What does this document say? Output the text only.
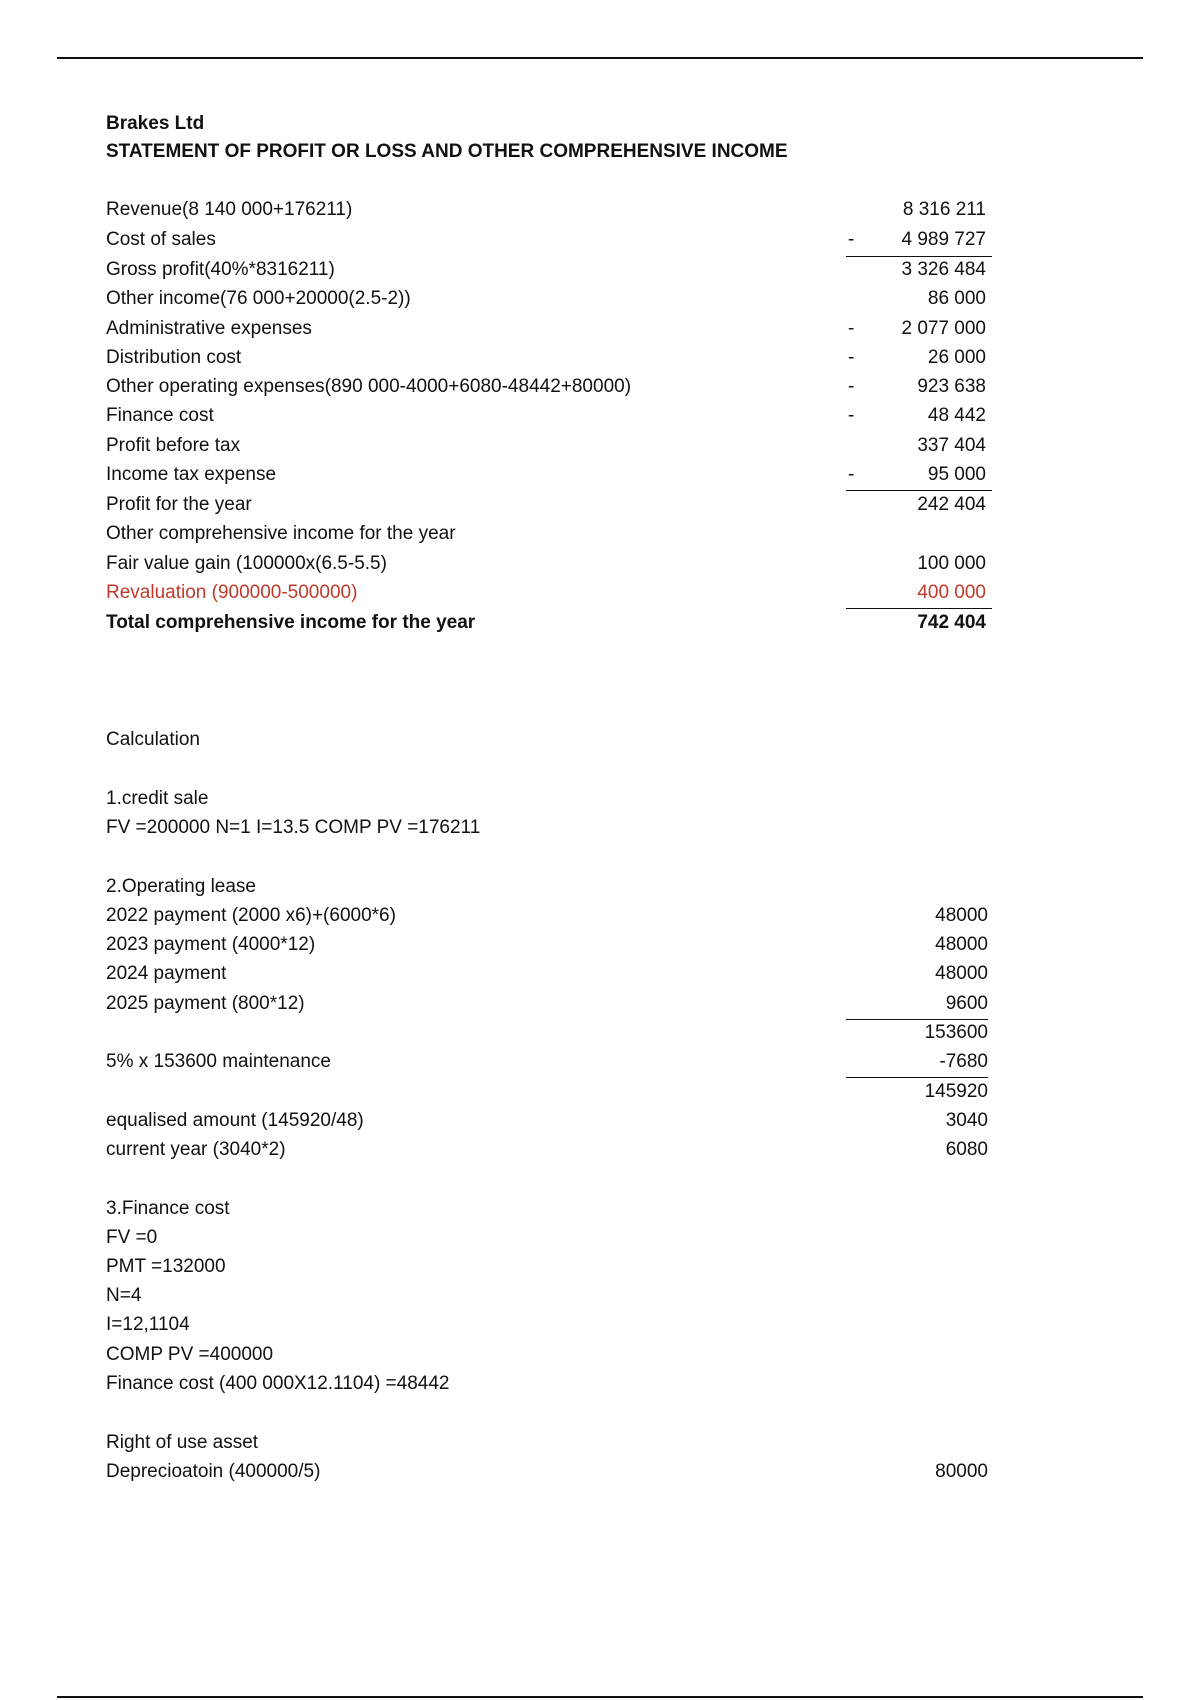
Brakes Ltd
STATEMENT OF PROFIT OR LOSS AND OTHER COMPREHENSIVE INCOME
Revenue(8 140 000+176211)	8 316 211
Cost of sales	- 4 989 727
Gross profit(40%*8316211)	3 326 484
Other income(76 000+20000(2.5-2))	86 000
Administrative expenses	- 2 077 000
Distribution cost	-	26 000
Other operating expenses(890 000-4000+6080-48442+80000)	-	923 638
Finance cost	-	48 442
Profit before tax	337 404
Income tax expense	-	95 000
Profit for the year	242 404
Other comprehensive income for the year
Fair value gain (100000x(6.5-5.5)	100 000
Revaluation (900000-500000)	400 000
Total comprehensive income for the year	742 404
Calculation
1.credit sale
FV =200000 N=1 I=13.5 COMP PV =176211
2.Operating lease
2022 payment (2000 x6)+(6000*6)	48000
2023 payment (4000*12)	48000
2024 payment	48000
2025 payment (800*12)	9600
153600
5% x 153600 maintenance	-7680
145920
equalised amount (145920/48)	3040
current year (3040*2)	6080
3.Finance cost
FV =0
PMT =132000
N=4
I=12,1104
COMP PV =400000
Finance cost (400 000X12.1104) =48442
Right of use asset
Deprecioatoin (400000/5)	80000
